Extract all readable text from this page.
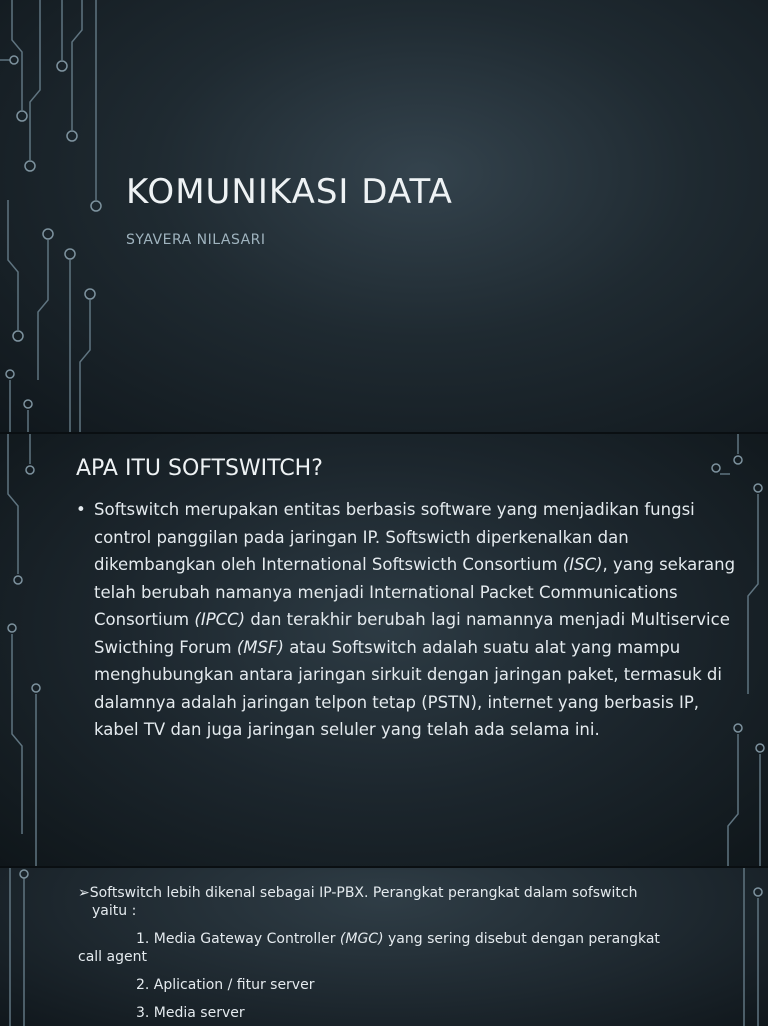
KOMUNIKASI DATA
SYAVERA NILASARI
APA ITU SOFTSWITCH?
• Softswitch merupakan entitas berbasis software yang menjadikan fungsi control panggilan pada jaringan IP. Softswicth diperkenalkan dan dikembangkan oleh International Softswicth Consortium (ISC), yang sekarang telah berubah namanya menjadi International Packet Communications Consortium (IPCC) dan terakhir berubah lagi namannya menjadi Multiservice Swicthing Forum (MSF) atau Softswitch adalah suatu alat yang mampu menghubungkan antara jaringan sirkuit dengan jaringan paket, termasuk di dalamnya adalah jaringan telpon tetap (PSTN), internet yang berbasis IP, kabel TV dan juga jaringan seluler yang telah ada selama ini.
➢Softswitch lebih dikenal sebagai IP-PBX. Perangkat perangkat dalam sofswitch
yaitu :
1. Media Gateway Controller (MGC) yang sering disebut dengan perangkat
call agent
2. Aplication / fitur server
3. Media server
